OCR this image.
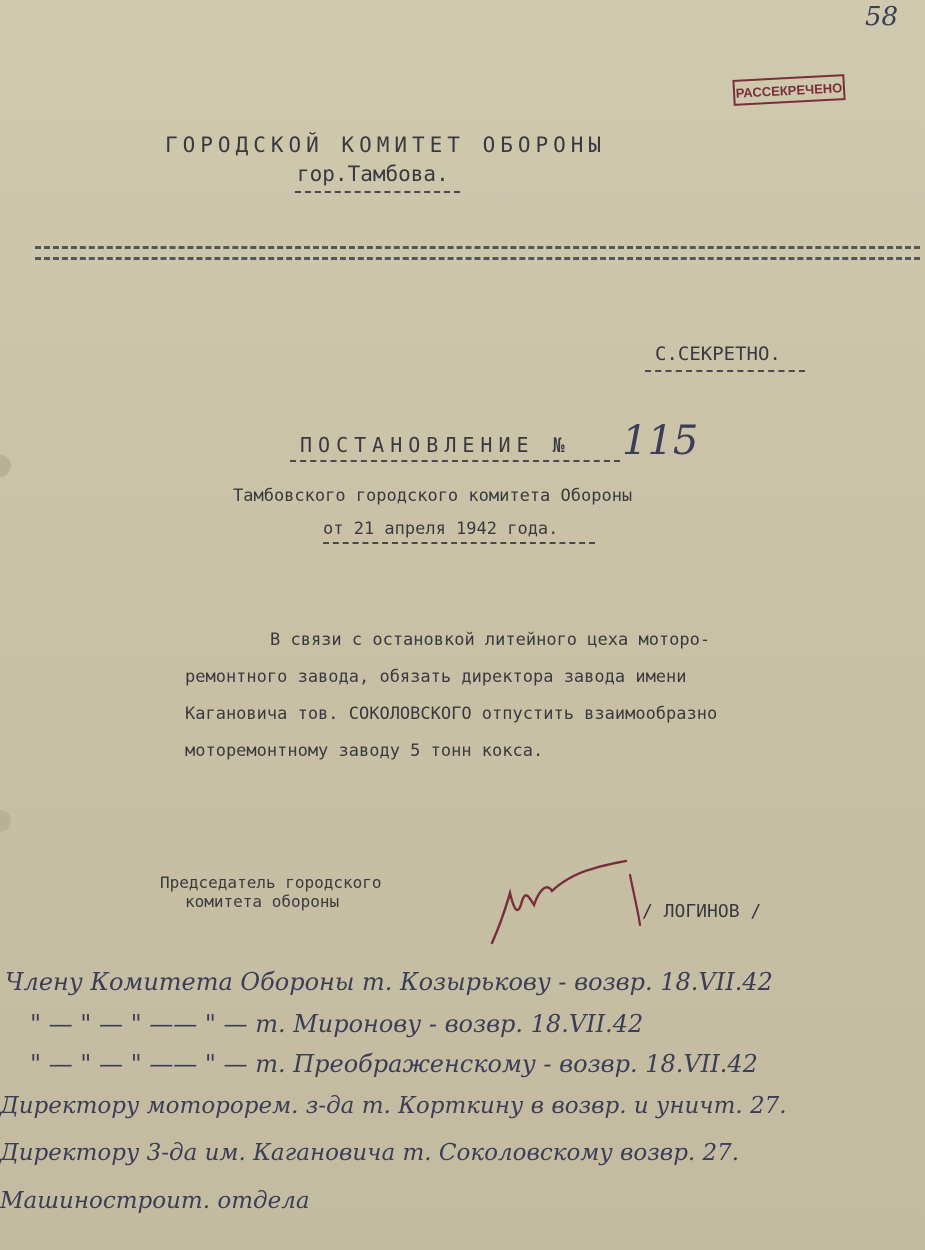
58
РАССЕКРЕЧЕНО
ГОРОДСКОЙ КОМИТЕТ ОБОРОНЫ
гор.Тамбова.
С.СЕКРЕТНО.
ПОСТАНОВЛЕНИЕ № 115
Тамбовского городского комитета Обороны
от 21 апреля 1942 года.
В связи с остановкой литейного цеха моторо-
ремонтного завода, обязать директора завода имени
Кагановича тов. СОКОЛОВСКОГО отпустить взаимообразно
моторемонтному заводу 5 тонн кокса.
Председатель городского
комитета обороны	/ ЛОГИНОВ /
Члену Комитета Обороны т. Козырькову - возвр. 18.VII.42
" — " — " —— " — т. Миронову - возвр. 18.VII.42
" — " — " —— " — т. Преображенскому - возвр. 18.VII.42
Директору моторорем. з-да т. Корткину в возвр. и уничт. 27.
Директору 3-да им. Кагановича т. Соколовскому возвр. 27.
Машиностроит. отдела
